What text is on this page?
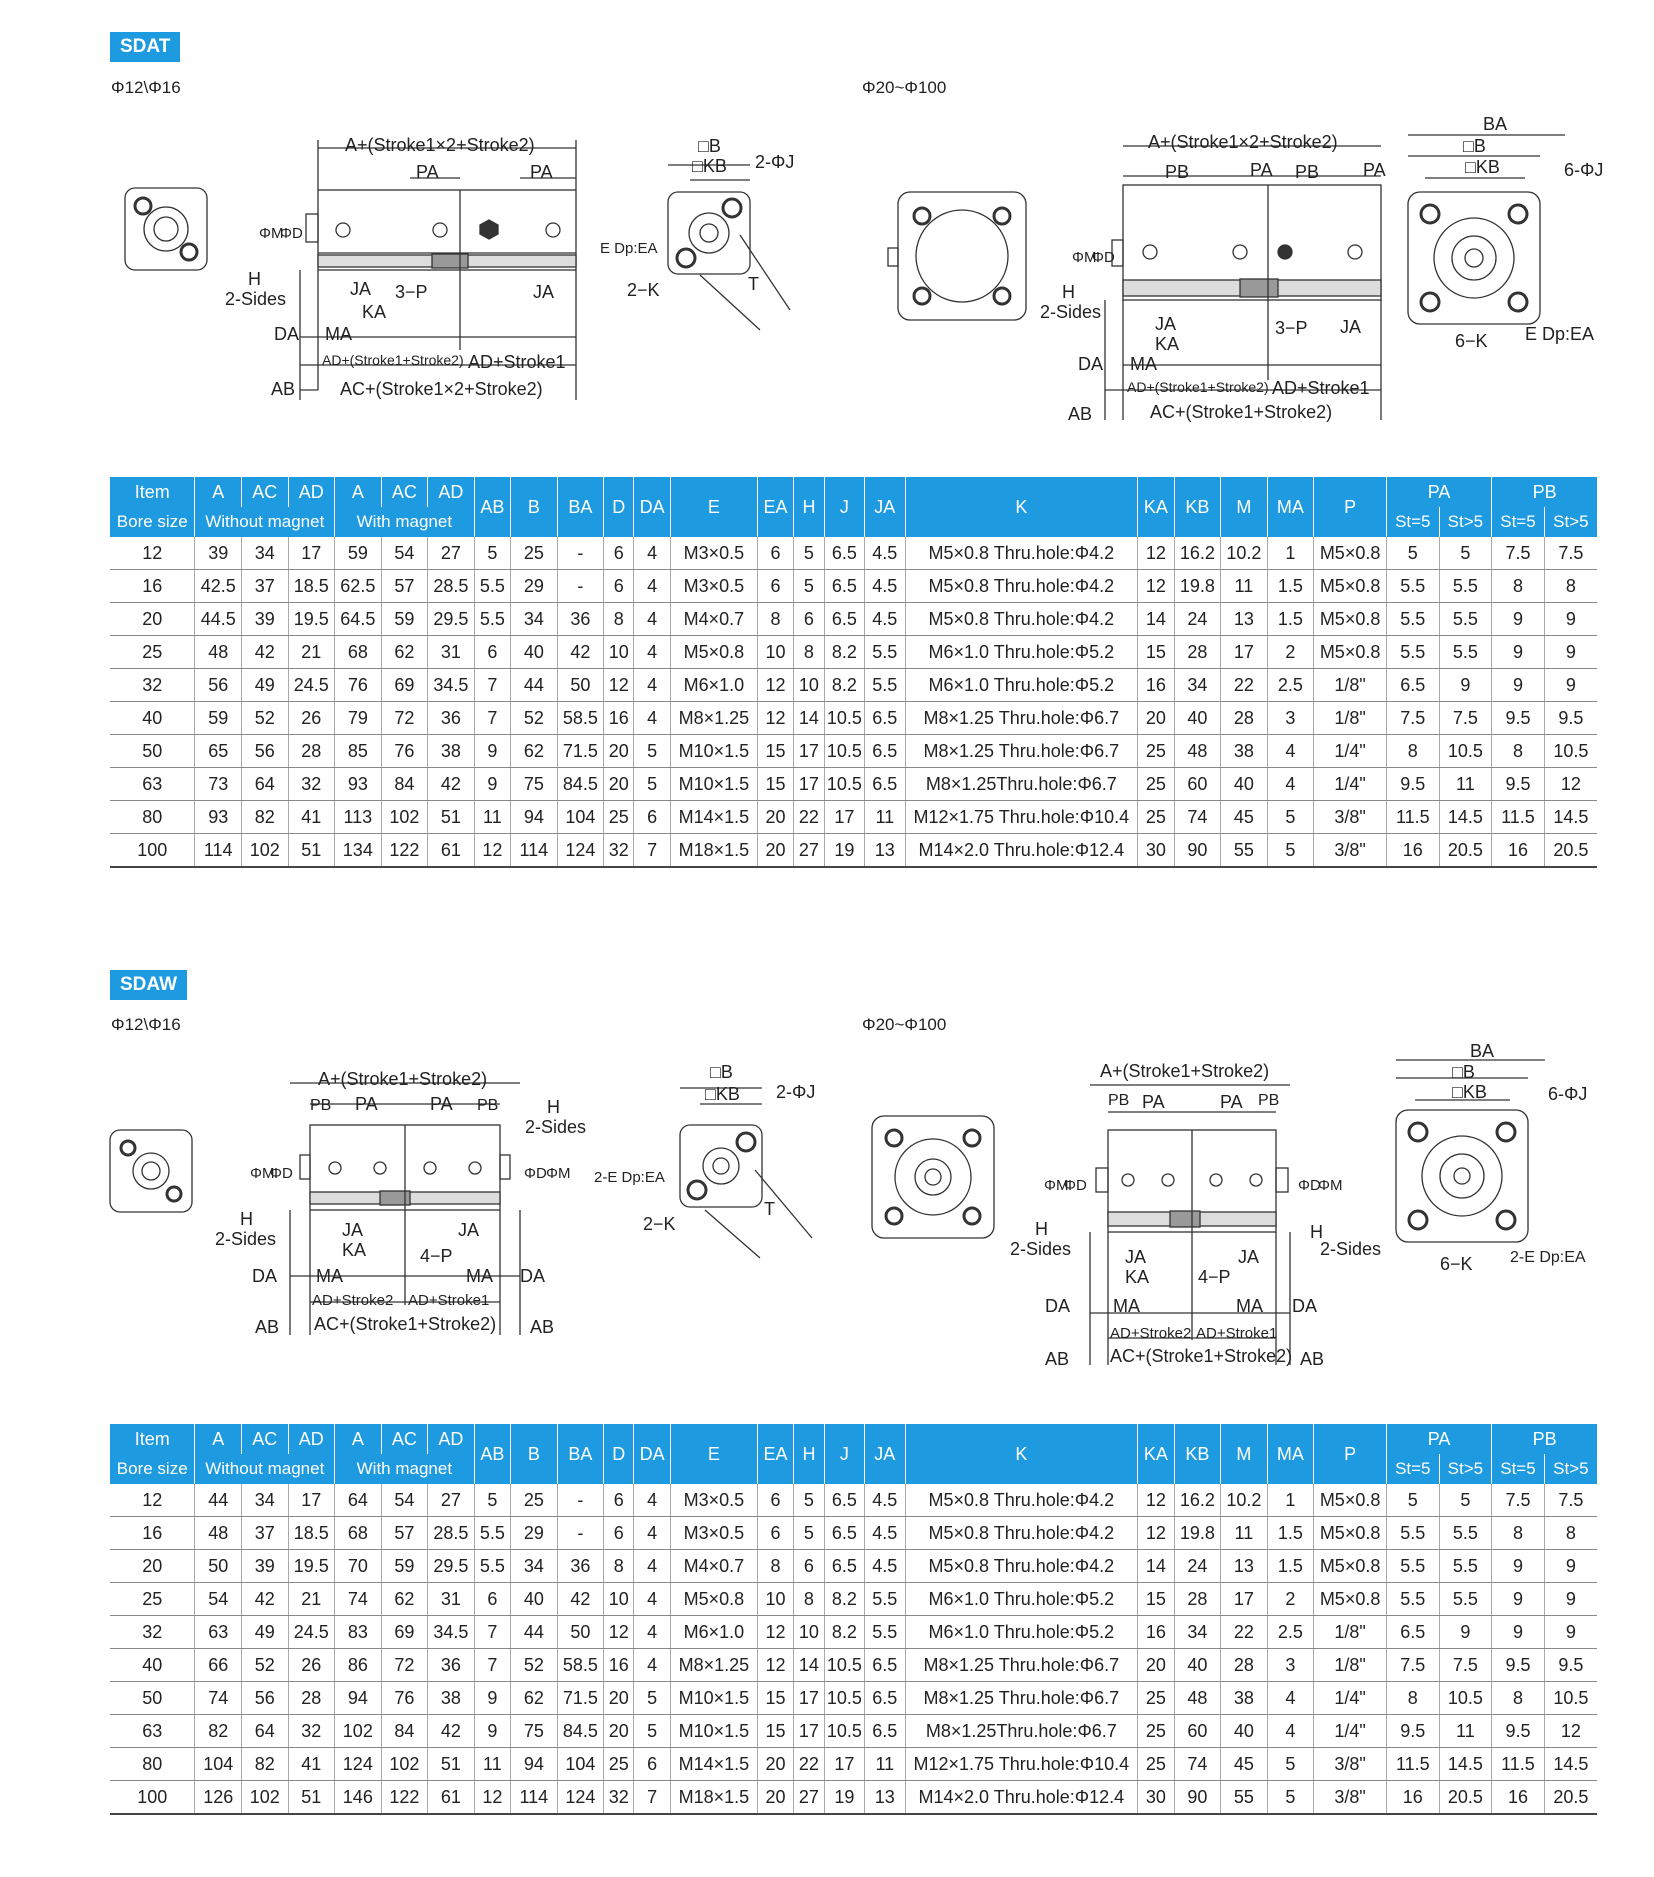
SDAT
Φ12\Φ16	Φ20~Φ100
A+(Stroke1×2+Stroke2)
PA	PA
ΦM
ΦD
H
2-Sides	JA 3−P	JA
KA
DA MA
AD+(Stroke1+Stroke2) AD+Stroke1
AB AC+(Stroke1×2+Stroke2)
□B
□KB 2-ΦJ
E Dp:EA
2−K	T
A+(Stroke1×2+Stroke2)
PB	PA PB PA
BA
□B
□KB	6-ΦJ
ΦM
ΦD
H
2-Sides
JA
KA
3−P JA
DA MA
AD+(Stroke1+Stroke2) AD+Stroke1
AB	AC+(Stroke1+Stroke2)
6−K E Dp:EA
Item	A	AC	AD	A	AC	AD	AB	B	BA	D	DA	E	EA	H	J	JA	K	KA	KB	M	MA	P	PA		PB	
Bore size	Without magnet			With magnet																			St=5	St>5	St=5	St>5
12	39	34	17	59	54	27	5	25	-	6	4	M3×0.5	6	5	6.5	4.5	M5×0.8 Thru.hole:Φ4.2	12	16.2	10.2	1	M5×0.8	5	5	7.5	7.5
16	42.5	37	18.5	62.5	57	28.5	5.5	29	-	6	4	M3×0.5	6	5	6.5	4.5	M5×0.8 Thru.hole:Φ4.2	12	19.8	11	1.5	M5×0.8	5.5	5.5	8	8
20	44.5	39	19.5	64.5	59	29.5	5.5	34	36	8	4	M4×0.7	8	6	6.5	4.5	M5×0.8 Thru.hole:Φ4.2	14	24	13	1.5	M5×0.8	5.5	5.5	9	9
25	48	42	21	68	62	31	6	40	42	10	4	M5×0.8	10	8	8.2	5.5	M6×1.0 Thru.hole:Φ5.2	15	28	17	2	M5×0.8	5.5	5.5	9	9
32	56	49	24.5	76	69	34.5	7	44	50	12	4	M6×1.0	12	10	8.2	5.5	M6×1.0 Thru.hole:Φ5.2	16	34	22	2.5	1/8"	6.5	9	9	9
40	59	52	26	79	72	36	7	52	58.5	16	4	M8×1.25	12	14	10.5	6.5	M8×1.25 Thru.hole:Φ6.7	20	40	28	3	1/8"	7.5	7.5	9.5	9.5
50	65	56	28	85	76	38	9	62	71.5	20	5	M10×1.5	15	17	10.5	6.5	M8×1.25 Thru.hole:Φ6.7	25	48	38	4	1/4"	8	10.5	8	10.5
63	73	64	32	93	84	42	9	75	84.5	20	5	M10×1.5	15	17	10.5	6.5	M8×1.25Thru.hole:Φ6.7	25	60	40	4	1/4"	9.5	11	9.5	12
80	93	82	41	113	102	51	11	94	104	25	6	M14×1.5	20	22	17	11	M12×1.75 Thru.hole:Φ10.4	25	74	45	5	3/8"	11.5	14.5	11.5	14.5
100	114	102	51	134	122	61	12	114	124	32	7	M18×1.5	20	27	19	13	M14×2.0 Thru.hole:Φ12.4	30	90	55	5	3/8"	16	20.5	16	20.5
SDAW
Φ12\Φ16	Φ20~Φ100
A+(Stroke1+Stroke2)
PB PA	PA PB	H
2-Sides
ΦM
ΦD	ΦD ΦM
H
2-Sides	JA
KA	4−P
JA
DA MA	MA DA
AD+Stroke2 AD+Stroke1
AB AC+(Stroke1+Stroke2) AB
□B
□KB 2-ΦJ
2-E Dp:EA
2−K
T
A+(Stroke1+Stroke2)
PB PA	PA PB
BA
□B
□KB	6-ΦJ
ΦM
ΦD	ΦD
ΦM
H
2-Sides
H
2-Sides
JA
KA	4−P
JA
DA MA	MA DA
AD+Stroke2 AD+Stroke1
AB AC+(Stroke1+Stroke2) AB
6−K 2-E Dp:EA
Item	A	AC	AD	A	AC	AD	AB	B	BA	D	DA	E	EA	H	J	JA	K	KA	KB	M	MA	P	PA		PB	
Bore size	Without magnet			With magnet																			St=5	St>5	St=5	St>5
12	44	34	17	64	54	27	5	25	-	6	4	M3×0.5	6	5	6.5	4.5	M5×0.8 Thru.hole:Φ4.2	12	16.2	10.2	1	M5×0.8	5	5	7.5	7.5
16	48	37	18.5	68	57	28.5	5.5	29	-	6	4	M3×0.5	6	5	6.5	4.5	M5×0.8 Thru.hole:Φ4.2	12	19.8	11	1.5	M5×0.8	5.5	5.5	8	8
20	50	39	19.5	70	59	29.5	5.5	34	36	8	4	M4×0.7	8	6	6.5	4.5	M5×0.8 Thru.hole:Φ4.2	14	24	13	1.5	M5×0.8	5.5	5.5	9	9
25	54	42	21	74	62	31	6	40	42	10	4	M5×0.8	10	8	8.2	5.5	M6×1.0 Thru.hole:Φ5.2	15	28	17	2	M5×0.8	5.5	5.5	9	9
32	63	49	24.5	83	69	34.5	7	44	50	12	4	M6×1.0	12	10	8.2	5.5	M6×1.0 Thru.hole:Φ5.2	16	34	22	2.5	1/8"	6.5	9	9	9
40	66	52	26	86	72	36	7	52	58.5	16	4	M8×1.25	12	14	10.5	6.5	M8×1.25 Thru.hole:Φ6.7	20	40	28	3	1/8"	7.5	7.5	9.5	9.5
50	74	56	28	94	76	38	9	62	71.5	20	5	M10×1.5	15	17	10.5	6.5	M8×1.25 Thru.hole:Φ6.7	25	48	38	4	1/4"	8	10.5	8	10.5
63	82	64	32	102	84	42	9	75	84.5	20	5	M10×1.5	15	17	10.5	6.5	M8×1.25Thru.hole:Φ6.7	25	60	40	4	1/4"	9.5	11	9.5	12
80	104	82	41	124	102	51	11	94	104	25	6	M14×1.5	20	22	17	11	M12×1.75 Thru.hole:Φ10.4	25	74	45	5	3/8"	11.5	14.5	11.5	14.5
100	126	102	51	146	122	61	12	114	124	32	7	M18×1.5	20	27	19	13	M14×2.0 Thru.hole:Φ12.4	30	90	55	5	3/8"	16	20.5	16	20.5
